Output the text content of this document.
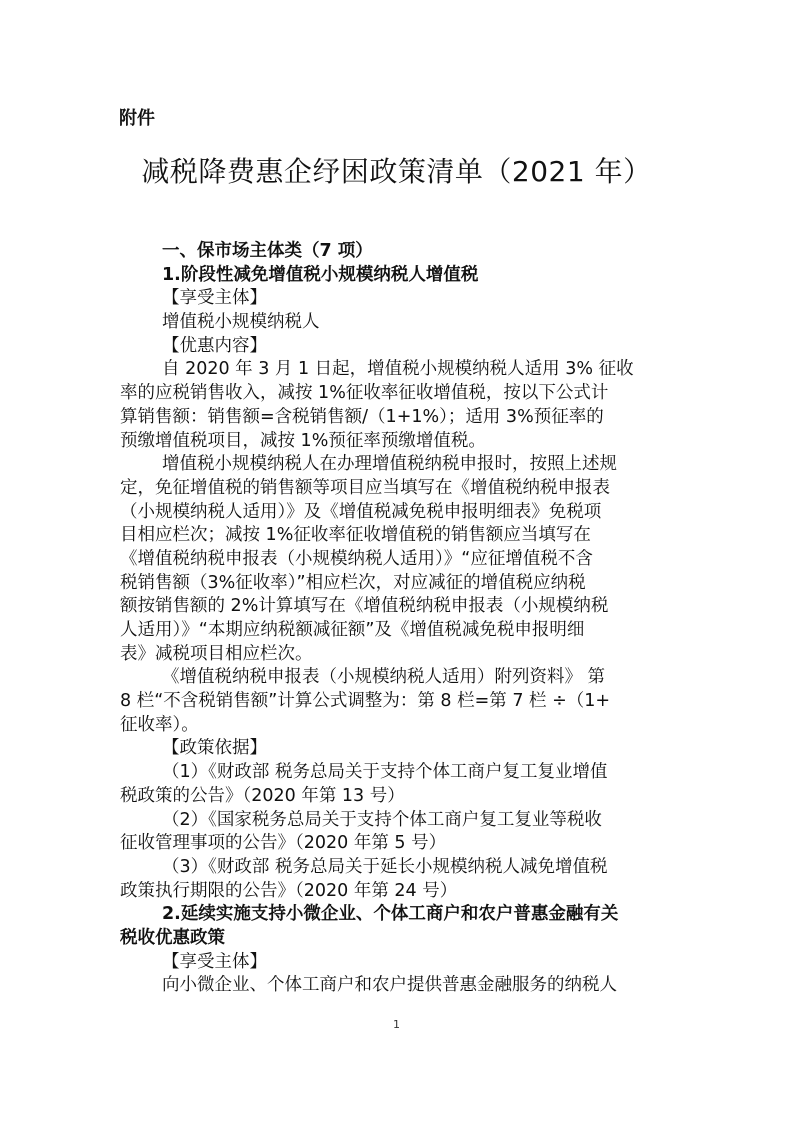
附件
减税降费惠企纾困政策清单（2021 年）
一、保市场主体类（7 项）
1.阶段性减免增值税小规模纳税人增值税
【享受主体】
增值税小规模纳税人
【优惠内容】
自 2020 年 3 月 1 日起，增值税小规模纳税人适用 3% 征收
率的应税销售收入，减按 1%征收率征收增值税，按以下公式计
算销售额：销售额=含税销售额/（1+1%）；适用 3%预征率的
预缴增值税项目，减按 1%预征率预缴增值税。
增值税小规模纳税人在办理增值税纳税申报时，按照上述规
定，免征增值税的销售额等项目应当填写在《增值税纳税申报表
（小规模纳税人适用）》及《增值税减免税申报明细表》免税项
目相应栏次；减按 1%征收率征收增值税的销售额应当填写在
《增值税纳税申报表（小规模纳税人适用）》“应征增值税不含
税销售额（3%征收率）”相应栏次，对应减征的增值税应纳税
额按销售额的 2%计算填写在《增值税纳税申报表（小规模纳税
人适用）》“本期应纳税额减征额”及《增值税减免税申报明细
表》减税项目相应栏次。
《增值税纳税申报表（小规模纳税人适用）附列资料》 第
8 栏“不含税销售额”计算公式调整为：第 8 栏=第 7 栏 ÷（1+
征收率）。
【政策依据】
（1）《财政部 税务总局关于支持个体工商户复工复业增值
税政策的公告》（2020 年第 13 号）
（2）《国家税务总局关于支持个体工商户复工复业等税收
征收管理事项的公告》（2020 年第 5 号）
（3）《财政部 税务总局关于延长小规模纳税人减免增值税
政策执行期限的公告》（2020 年第 24 号）
2.延续实施支持小微企业、个体工商户和农户普惠金融有关
税收优惠政策
【享受主体】
向小微企业、个体工商户和农户提供普惠金融服务的纳税人
1
